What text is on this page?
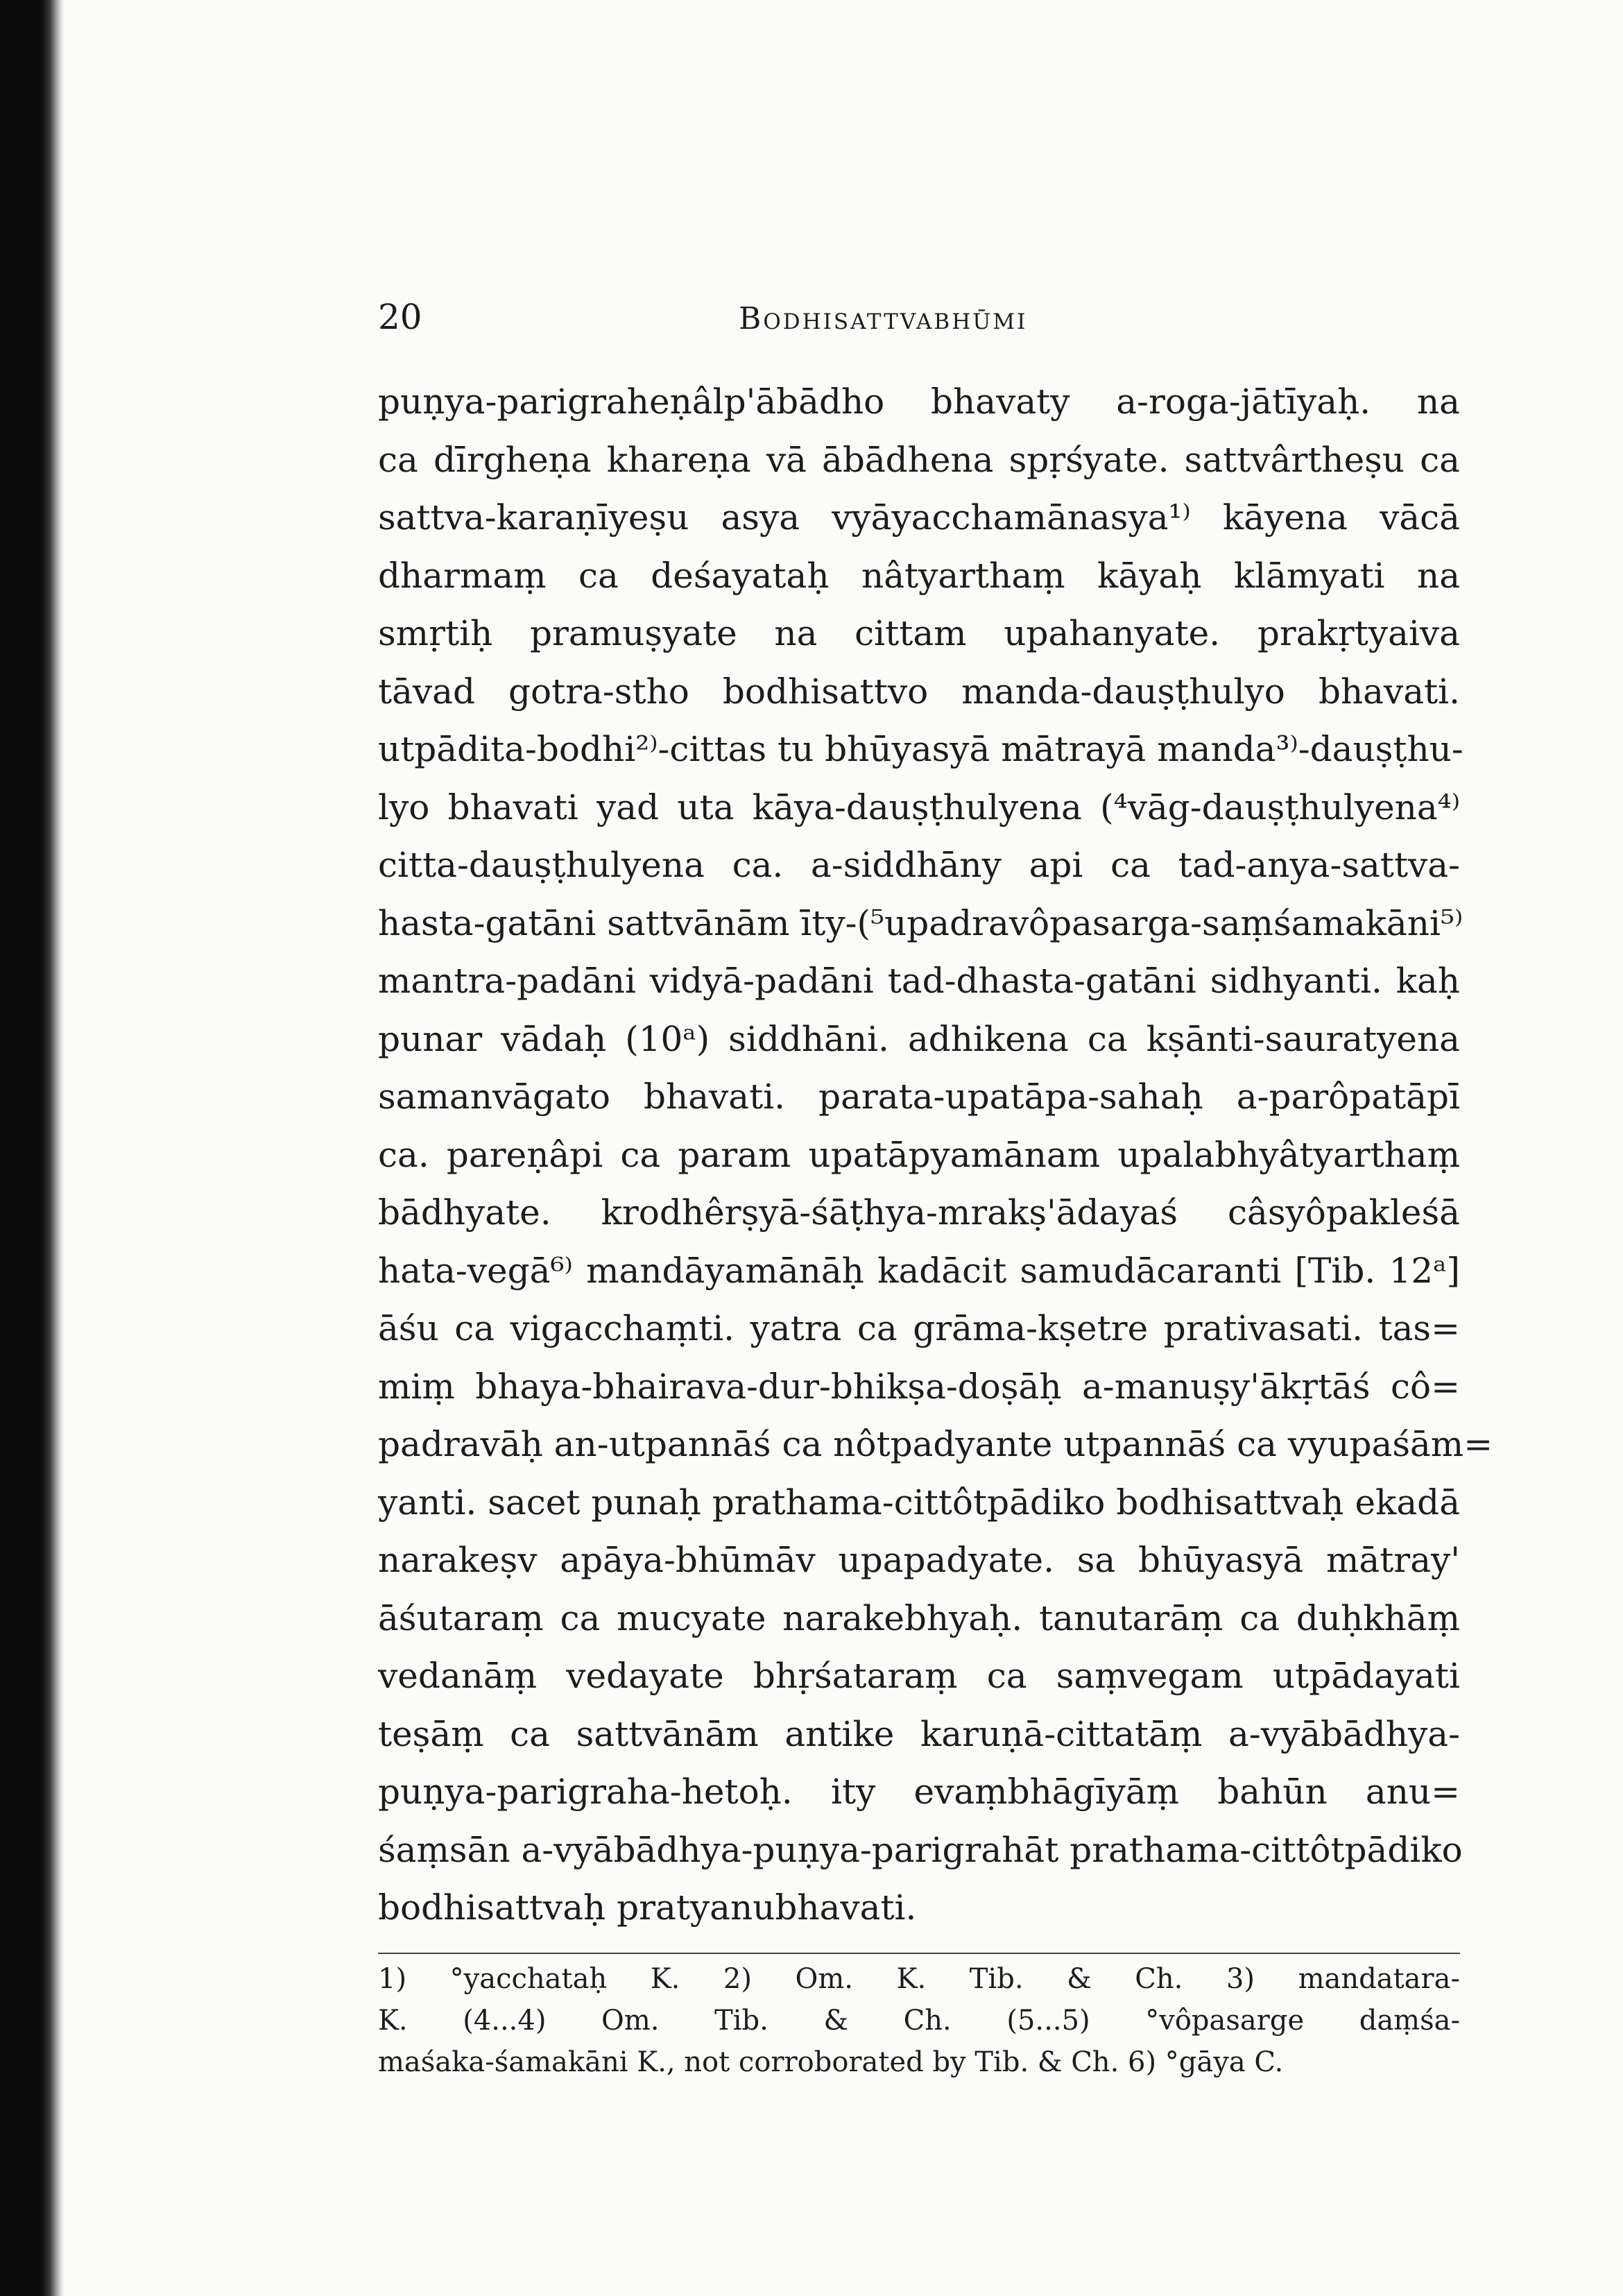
20	Bodhisattvabhūmi
puṇya-parigraheṇâlp'ābādho bhavaty a-roga-jātīyaḥ. na
ca dīrgheṇa khareṇa vā ābādhena spṛśyate. sattvârtheṣu ca
sattva-karaṇīyeṣu asya vyāyacchamānasya¹⁾ kāyena vācā
dharmaṃ ca deśayataḥ nâtyarthaṃ kāyaḥ klāmyati na
smṛtiḥ pramuṣyate na cittam upahanyate. prakṛtyaiva
tāvad gotra-stho bodhisattvo manda-dauṣṭhulyo bhavati.
utpādita-bodhi²⁾-cittas tu bhūyasyā mātrayā manda³⁾-dauṣṭhu-
lyo bhavati yad uta kāya-dauṣṭhulyena (⁴vāg-dauṣṭhulyena⁴⁾
citta-dauṣṭhulyena ca. a-siddhāny api ca tad-anya-sattva-
hasta-gatāni sattvānām īty-(⁵upadravôpasarga-saṃśamakāni⁵⁾
mantra-padāni vidyā-padāni tad-dhasta-gatāni sidhyanti. kaḥ
punar vādaḥ (10ᵃ) siddhāni. adhikena ca kṣānti-sauratyena
samanvāgato bhavati. parata-upatāpa-sahaḥ a-parôpatāpī
ca. pareṇâpi ca param upatāpyamānam upalabhyâtyarthaṃ
bādhyate. krodhêrṣyā-śāṭhya-mrakṣ'ādayaś câsyôpakleśā
hata-vegā⁶⁾ mandāyamānāḥ kadācit samudācaranti [Tib. 12ᵃ]
āśu ca vigacchaṃti. yatra ca grāma-kṣetre prativasati. tas=
miṃ bhaya-bhairava-dur-bhikṣa-doṣāḥ a-manuṣy'ākṛtāś cô=
padravāḥ an-utpannāś ca nôtpadyante utpannāś ca vyupaśām=
yanti. sacet punaḥ prathama-cittôtpādiko bodhisattvaḥ ekadā
narakeṣv apāya-bhūmāv upapadyate. sa bhūyasyā mātray'
āśutaraṃ ca mucyate narakebhyaḥ. tanutarāṃ ca duḥkhāṃ
vedanāṃ vedayate bhṛśataraṃ ca saṃvegam utpādayati
teṣāṃ ca sattvānām antike karuṇā-cittatāṃ a-vyābādhya-
puṇya-parigraha-hetoḥ. ity evaṃbhāgīyāṃ bahūn anu=
śaṃsān a-vyābādhya-puṇya-parigrahāt prathama-cittôtpādiko
bodhisattvaḥ pratyanubhavati.
1) °yacchataḥ K. 2) Om. K. Tib. & Ch. 3) mandatara-
K. (4...4) Om. Tib. & Ch. (5...5) °vôpasarge daṃśa-
maśaka-śamakāni K., not corroborated by Tib. & Ch. 6) °gāya C.
